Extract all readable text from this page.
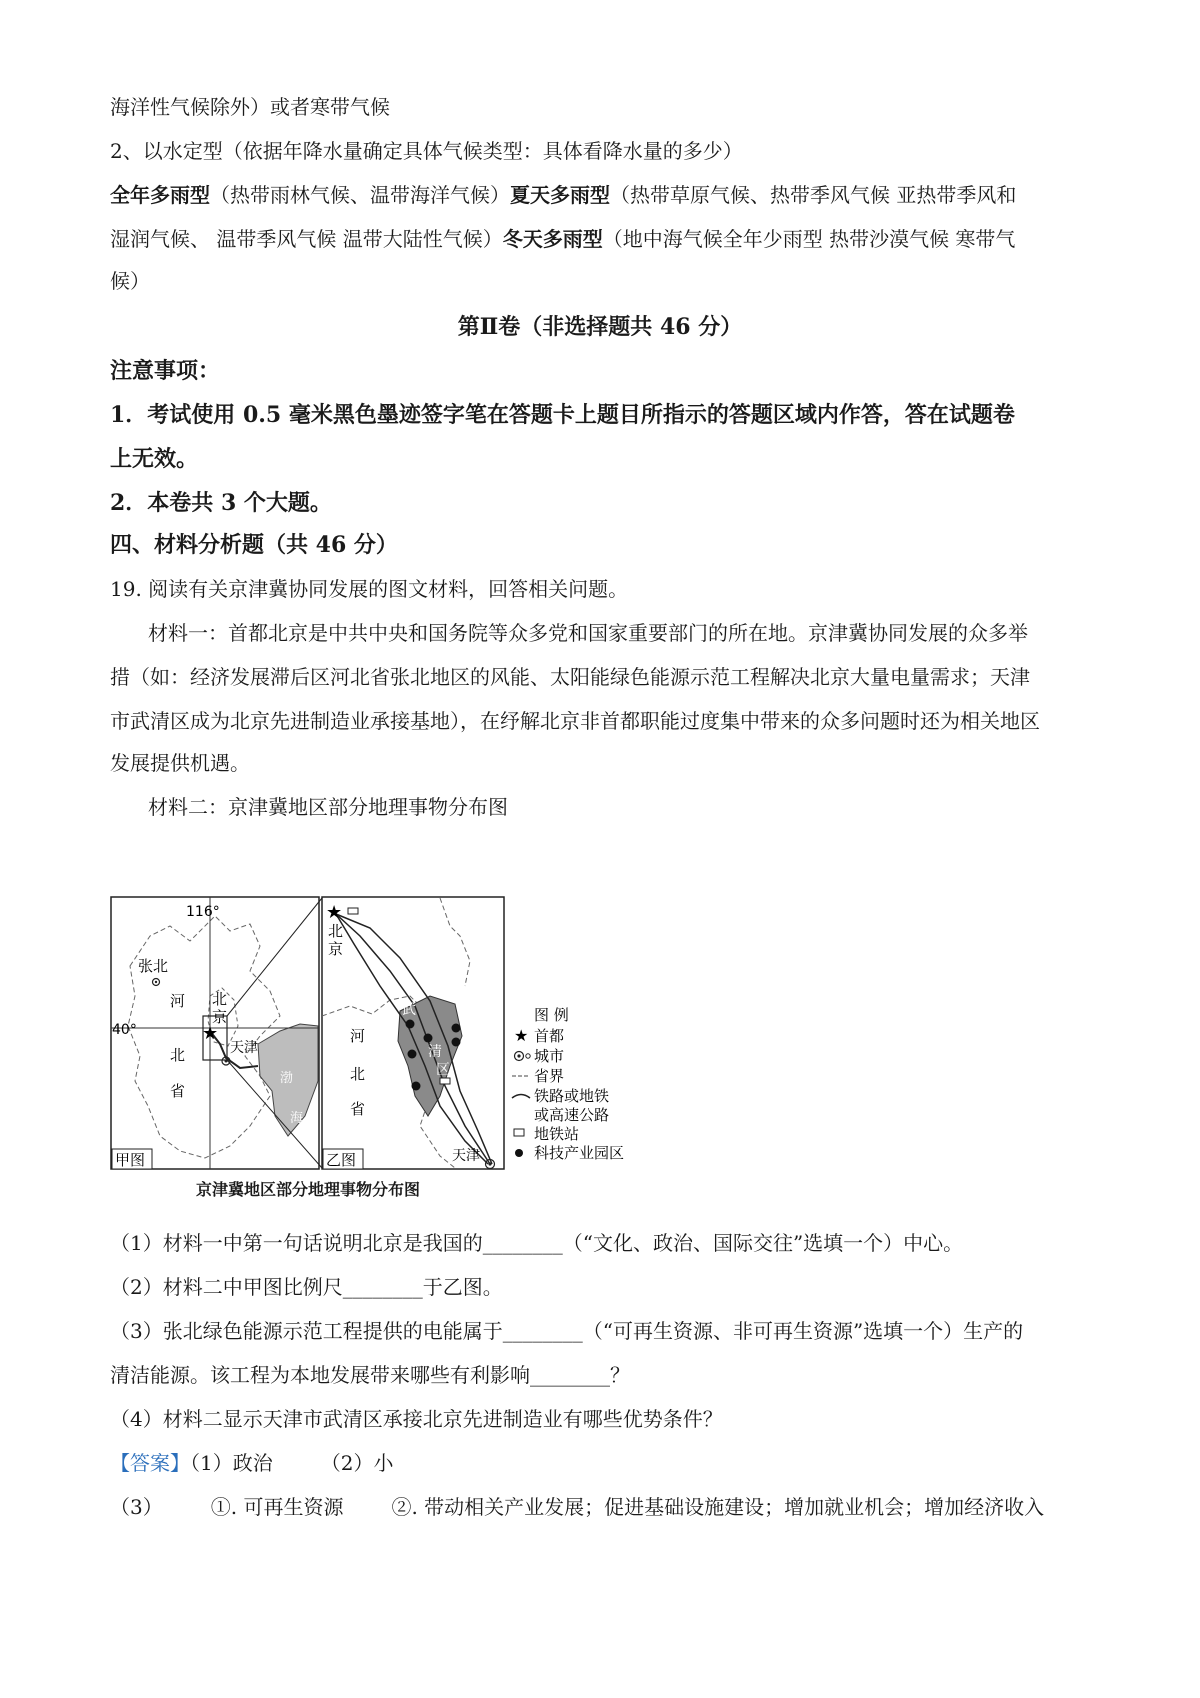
海洋性气候除外）或者寒带气候
2、以水定型（依据年降水量确定具体气候类型：具体看降水量的多少）
全年多雨型（热带雨林气候、温带海洋气候）夏天多雨型（热带草原气候、热带季风气候 亚热带季风和
湿润气候、 温带季风气候 温带大陆性气候）冬天多雨型（地中海气候全年少雨型 热带沙漠气候 寒带气
候）
第Ⅱ卷（非选择题共 46 分）
注意事项：
1．考试使用 0.5 毫米黑色墨迹签字笔在答题卡上题目所指示的答题区域内作答，答在试题卷
上无效。
2．本卷共 3 个大题。
四、材料分析题（共 46 分）
19. 阅读有关京津冀协同发展的图文材料，回答相关问题。
材料一：首都北京是中共中央和国务院等众多党和国家重要部门的所在地。京津冀协同发展的众多举
措（如：经济发展滞后区河北省张北地区的风能、太阳能绿色能源示范工程解决北京大量电量需求；天津
市武清区成为北京先进制造业承接基地），在纾解北京非首都职能过度集中带来的众多问题时还为相关地区
发展提供机遇。
材料二：京津冀地区部分地理事物分布图
★
116°
40°
张北
河
北
省
北
京
天津
渤
海
甲图
★
北
京
河
北
省
武
清
区
天津
乙图
图 例
★ 首都
城市
省界
铁路或地铁
或高速公路
地铁站
科技产业园区
京津冀地区部分地理事物分布图
（1）材料一中第一句话说明北京是我国的________（“文化、政治、国际交往”选填一个）中心。
（2）材料二中甲图比例尺________于乙图。
（3）张北绿色能源示范工程提供的电能属于________（“可再生资源、非可再生资源”选填一个）生产的
清洁能源。该工程为本地发展带来哪些有利影响________？
（4）材料二显示天津市武清区承接北京先进制造业有哪些优势条件？
【答案】（1）政治 （2）小
（3） ①. 可再生资源 ②. 带动相关产业发展；促进基础设施建设；增加就业机会；增加经济收入
